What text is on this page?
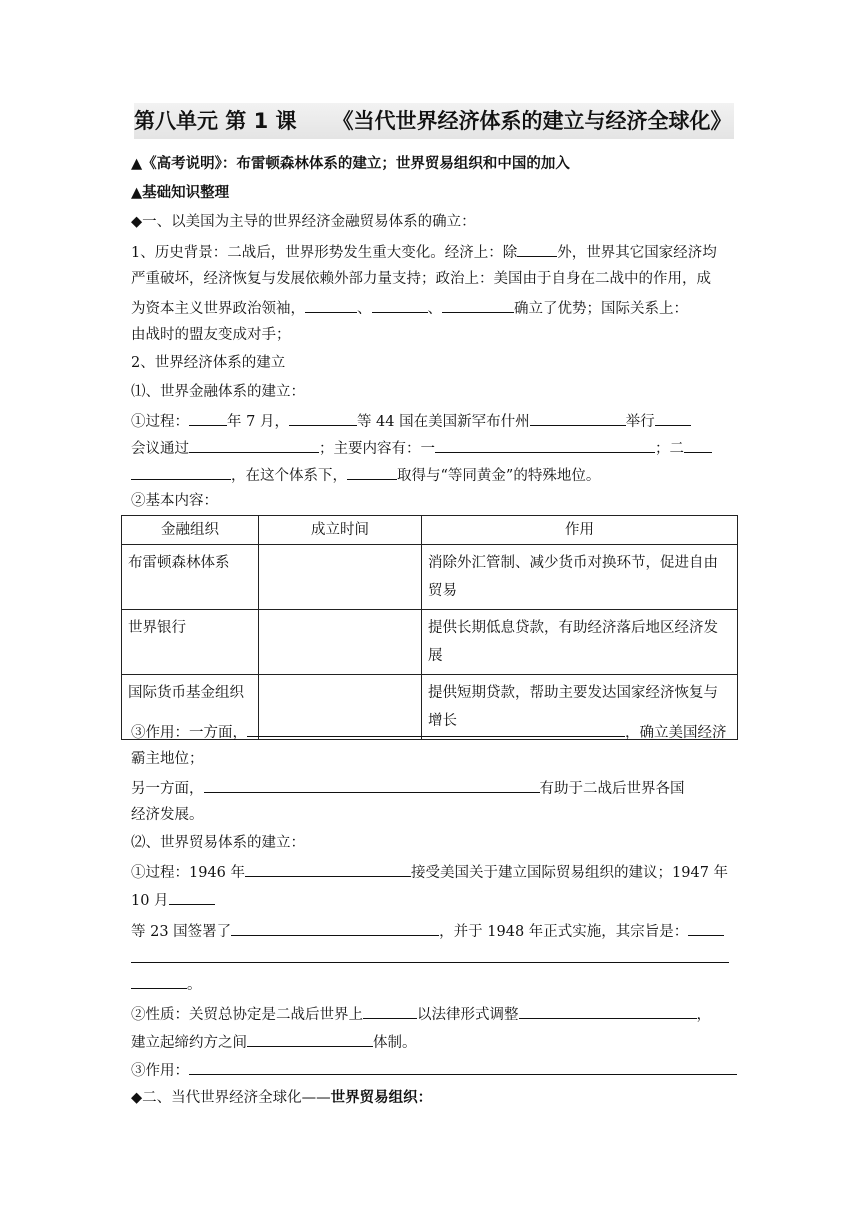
第八单元 第 1 课 《当代世界经济体系的建立与经济全球化》
▲《高考说明》：布雷顿森林体系的建立；世界贸易组织和中国的加入
▲基础知识整理
◆一、以美国为主导的世界经济金融贸易体系的确立：
1、历史背景：二战后，世界形势发生重大变化。经济上：除	外，世界其它国家经济均
严重破坏，经济恢复与发展依赖外部力量支持；政治上：美国由于自身在二战中的作用，成
为资本主义世界政治领袖，	、	、	确立了优势；国际关系上：
由战时的盟友变成对手；
2、世界经济体系的建立
⑴、世界金融体系的建立：
①过程：	年 7 月，	等 44 国在美国新罕布什州	举行
会议通过	；主要内容有：一	；二
，在这个体系下，	取得与“等同黄金”的特殊地位。
②基本内容：
金融组织	成立时间	作用
布雷顿森林体系		消除外汇管制、减少货币对换环节，促进自由贸易
世界银行		提供长期低息贷款，有助经济落后地区经济发展
国际货币基金组织		提供短期贷款，帮助主要发达国家经济恢复与增长
③作用：一方面，	，确立美国经济
霸主地位；
另一方面，	有助于二战后世界各国
经济发展。
⑵、世界贸易体系的建立：
①过程：1946 年	接受美国关于建立国际贸易组织的建议；1947 年
10 月
等 23 国签署了	，并于 1948 年正式实施，其宗旨是：
。
②性质：关贸总协定是二战后世界上	以法律形式调整	，
建立起缔约方之间	体制。
③作用：
◆二、当代世界经济全球化——世界贸易组织：
